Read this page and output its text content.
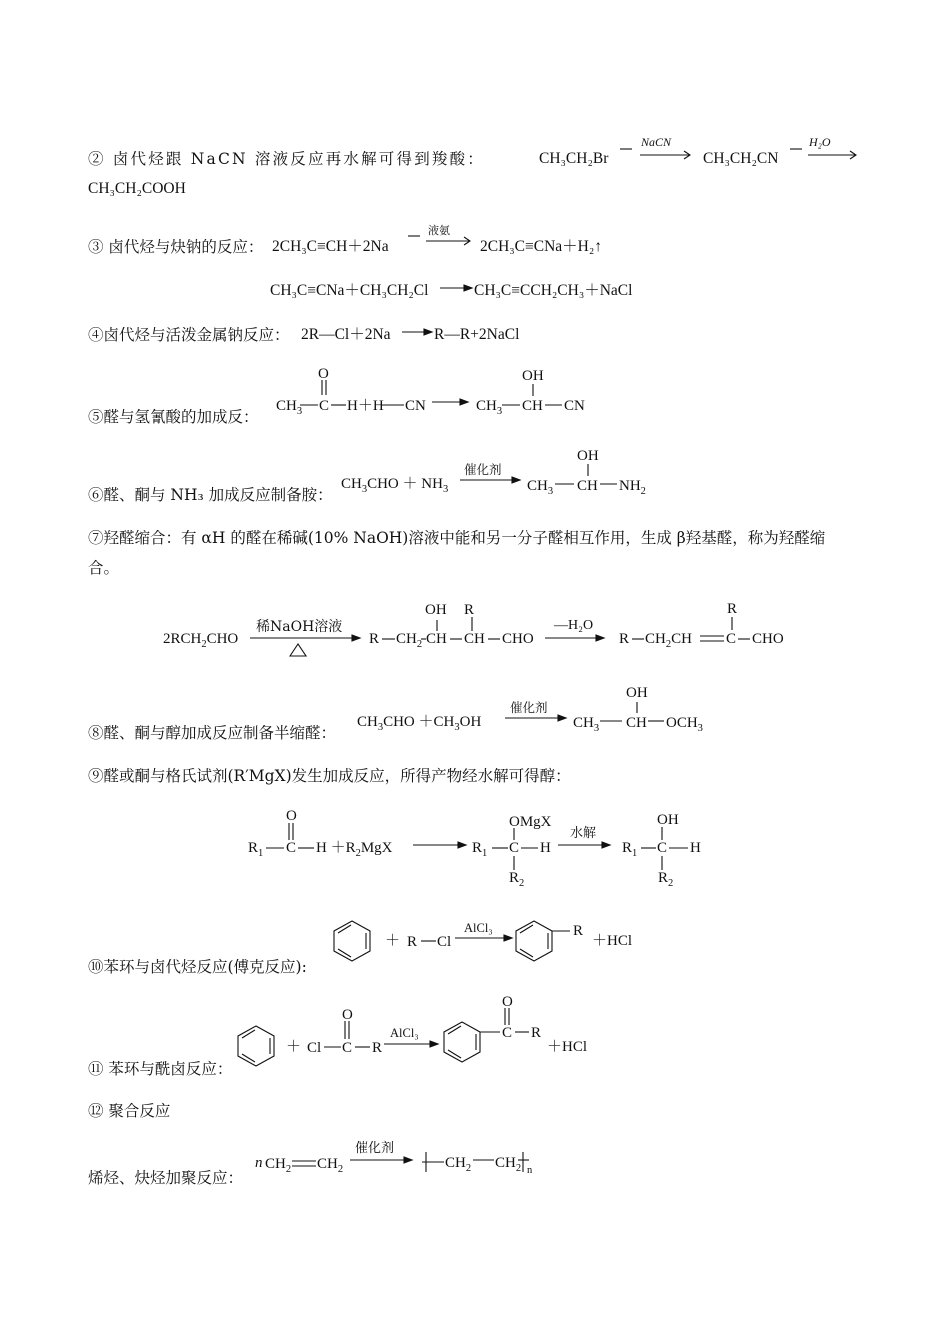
② 卤代烃跟 NaCN 溶液反应再水解可得到羧酸：	CH₃CH₂Br
NaCN
CH₃CH₂CN
H₂O
CH₃CH₂COOH
③ 卤代烃与炔钠的反应： 2CH₃C≡CH＋2Na
液氨
2CH₃C≡CNa＋H₂↑
CH₃C≡CNa＋CH₃CH₂Cl	CH₃C≡CCH₂CH₃＋NaCl
④卤代烃与活泼金属钠反应： 2R—Cl＋2Na	R—R+2NaCl
⑤醛与氢氰酸的加成反：
$CH_3$ C
O
H＋H CN	$CH_3$ CH
OH
CN
⑥醛、酮与 NH₃ 加成反应制备胺：
$CH_3CHO + NH_3$	$CH_3$ CH
OH
$NH_2$
催化剂
⑦羟醛缩合：有 αH 的醛在稀碱(10% NaOH)溶液中能和另一分子醛相互作用，生成 β羟基醛，称为羟醛缩
合。
$2RCH_2CHO$	R $CH_2$ CH
OH
CH
R
CHO	R $CH_2CH$ C
R
CHO
稀NaOH溶液	—H₂O
⑧醛、酮与醇加成反应制备半缩醛：
$CH_3CHO +CH_3OH$	$CH_3$ CH
OH
$OCH_3$
催化剂
⑨醛或酮与格氏试剂(R′MgX)发生加成反应，所得产物经水解可得醇：
$R_1$ C
O
$H +R_2MgX$	$R_1$ C
OMgX
$R_2$
H	$R_1$ C
OH
$R_2$
H
水解
⑩苯环与卤代烃反应(傅克反应):
＋ R Cl
R
＋HCl
AlCl₃
⑪ 苯环与酰卤反应：
＋ Cl C
O
R
C
O
R
＋HCl
AlCl₃
⑫ 聚合反应
烯烃、炔烃加聚反应：
n $CH_2$ $CH_2$	$CH_2$ $CH_2$ n
催化剂
